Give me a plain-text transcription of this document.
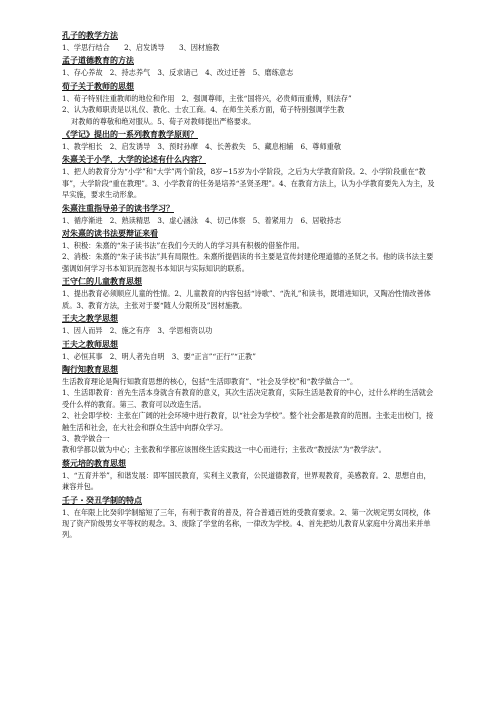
孔子的教学方法
1、学思行结合　　2、启发诱导　　3、因材施教
孟子道德教育的方法
1、存心养故　2、持志养气　3、反求诸己　4、改过迁善　5、磨练意志
荀子关于教师的思想
1、荀子特别注重教师的地位和作用　2、强调尊师，主张“国将兴，必贵师而重傅，则法存”
2、认为教师职责是以礼仪、教化、士农工商。4、在师生关系方面，荀子特别强调学生教
对教师的尊敬和绝对服从。5、荀子对教师提出严格要求。
《学记》提出的一系列教育教学原则？
1、教学相长　2、启发诱导　3、预时孙摩　4、长善救失　5、藏息相辅　6、尊师重敬
朱熹关于小学，大学的论述有什么内容？
1、把人的教育分为“小学”和“大学”两个阶段，8岁~15岁为小学阶段，之后为大学教育阶段。2、小学阶段重在“教事”，大学阶段“重在教理”。3、小学教育的任务是培养“圣贤圣理”。4、在教育方法上，认为小学教育要先入为主，及早实施，要求生动形象。
朱熹注重指导弟子的读书学习？
1、循序渐进　2、熟读精思　3、虚心涵泳　4、切己体察　5、着紧用力　6、居敬持志
对朱熹的读书法要辩证来看
1、积极：朱熹的“朱子读书法”在我们今天的人的学习具有积极的借鉴作用。
2、消极：朱熹的“朱子读书法”具有局限性。朱熹所提倡读的书主要是宣传封建伦理道德的圣贤之书。他的读书法主要强调如何学习书本知识而忽视书本知识与实际知识的联系。
王守仁的儿童教育思想
1、提出教育必须顺应儿童的性情。2、儿童教育的内容包括“诗歌”、“洗礼”和读书，既增进知识，又陶冶性情改善体质。3、教育方法，主张对于要“随人分限所及”因材施教。
王夫之教学思想
1、因人而异　2、施之有序　3、学思相资以功
王夫之教师思想
1、必恒其事　2、明人者先自明　3、要“正言”“正行”“正教”
陶行知教育思想
生活教育理论是陶行知教育思想的核心，包括“生活即教育”、“社会及学校”和“教学做合一”。
1、生活即教育：首先生活本身就含有教育的意义，其次生活决定教育，实际生活是教育的中心，过什么样的生活就会受什么样的教育。第三、教育可以改造生活。
2、社会即学校：主张在广阔的社会环境中进行教育，以“社会为学校”。整个社会都是教育的范围。主张走出校门，接触生活和社会，在大社会和群众生活中向群众学习。
3、教学做合一
教和学都以做为中心；主张教和学都应该围绕生活实践这一中心而进行；主张改“教授法”为“教学法”。
蔡元培的教育思想
1、“五育并举”，和谐发展：即军国民教育，实利主义教育，公民道德教育，世界观教育，美感教育。2、思想自由，兼容并包。
壬子・癸丑学制的特点
1、在年限上比癸卯学制缩短了三年，有利于教育的普及，符合普通百姓的受教育要求。2、第一次规定男女同校，体现了资产阶级男女平等权的观念。3、废除了学堂的名称，一律改为学校。4、首先把幼儿教育从家庭中分离出来并单列。
